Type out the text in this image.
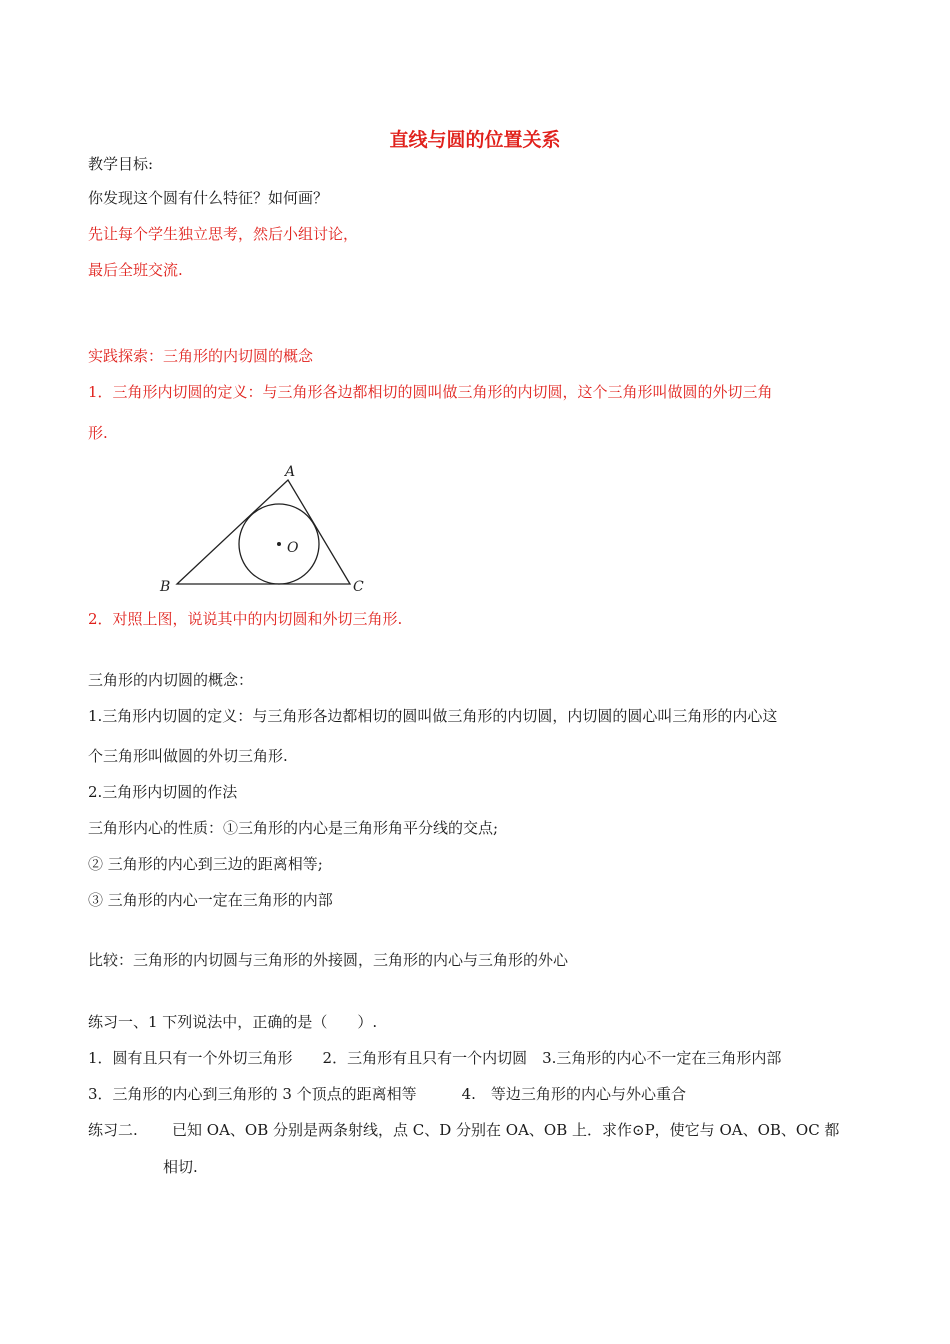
直线与圆的位置关系
教学目标:
你发现这个圆有什么特征？如何画？
先让每个学生独立思考，然后小组讨论，
最后全班交流.
实践探索：三角形的内切圆的概念
1．三角形内切圆的定义：与三角形各边都相切的圆叫做三角形的内切圆，这个三角形叫做圆的外切三角
形.
A
B	C
O
2．对照上图，说说其中的内切圆和外切三角形.
三角形的内切圆的概念：
1.三角形内切圆的定义：与三角形各边都相切的圆叫做三角形的内切圆，内切圆的圆心叫三角形的内心这
个三角形叫做圆的外切三角形.
2.三角形内切圆的作法
三角形内心的性质：①三角形的内心是三角形角平分线的交点;
② 三角形的内心到三边的距离相等;
③ 三角形的内心一定在三角形的内部
比较：三角形的内切圆与三角形的外接圆，三角形的内心与三角形的外心
练习一、1 下列说法中，正确的是（　　）.
1．圆有且只有一个外切三角形　　2．三角形有且只有一个内切圆　3.三角形的内心不一定在三角形内部
3．三角形的内心到三角形的 3 个顶点的距离相等　　　4.　等边三角形的内心与外心重合
练习二. 已知 OA、OB 分别是两条射线，点 C、D 分别在 OA、OB 上．求作⊙P，使它与 OA、OB、OC 都
相切.
